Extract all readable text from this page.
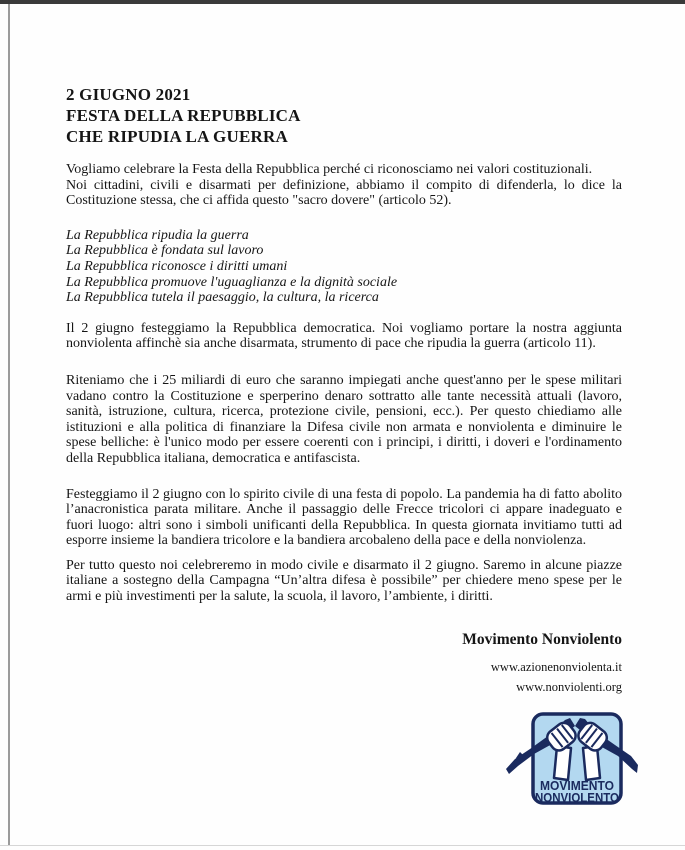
2 GIUGNO 2021
FESTA DELLA REPUBBLICA
CHE RIPUDIA LA GUERRA
Vogliamo celebrare la Festa della Repubblica perché ci riconosciamo nei valori costituzionali.
Noi cittadini, civili e disarmati per definizione, abbiamo il compito di difenderla, lo dice la Costituzione stessa, che ci affida questo "sacro dovere" (articolo 52).
La Repubblica ripudia la guerra
La Repubblica è fondata sul lavoro
La Repubblica riconosce i diritti umani
La Repubblica promuove l'uguaglianza e la dignità sociale
La Repubblica tutela il paesaggio, la cultura, la ricerca
Il 2 giugno festeggiamo la Repubblica democratica. Noi vogliamo portare la nostra aggiunta nonviolenta affinchè sia anche disarmata, strumento di pace che ripudia la guerra (articolo 11).
Riteniamo che i 25 miliardi di euro che saranno impiegati anche quest'anno per le spese militari vadano contro la Costituzione e sperperino denaro sottratto alle tante necessità attuali (lavoro, sanità, istruzione, cultura, ricerca, protezione civile, pensioni, ecc.). Per questo chiediamo alle istituzioni e alla politica di finanziare la Difesa civile non armata e nonviolenta e diminuire le spese belliche: è l'unico modo per essere coerenti con i principi, i diritti, i doveri e l'ordinamento della Repubblica italiana, democratica e antifascista.
Festeggiamo il 2 giugno con lo spirito civile di una festa di popolo. La pandemia ha di fatto abolito l’anacronistica parata militare. Anche il passaggio delle Frecce tricolori ci appare inadeguato e fuori luogo: altri sono i simboli unificanti della Repubblica. In questa giornata invitiamo tutti ad esporre insieme la bandiera tricolore e la bandiera arcobaleno della pace e della nonviolenza.
Per tutto questo noi celebreremo in modo civile e disarmato il 2 giugno. Saremo in alcune piazze italiane a sostegno della Campagna “Un’altra difesa è possibile” per chiedere meno spese per le armi e più investimenti per la salute, la scuola, il lavoro, l’ambiente, i diritti.
Movimento Nonviolento
www.azionenonviolenta.it
www.nonviolenti.org
MOVIMENTO
NONVIOLENTO
